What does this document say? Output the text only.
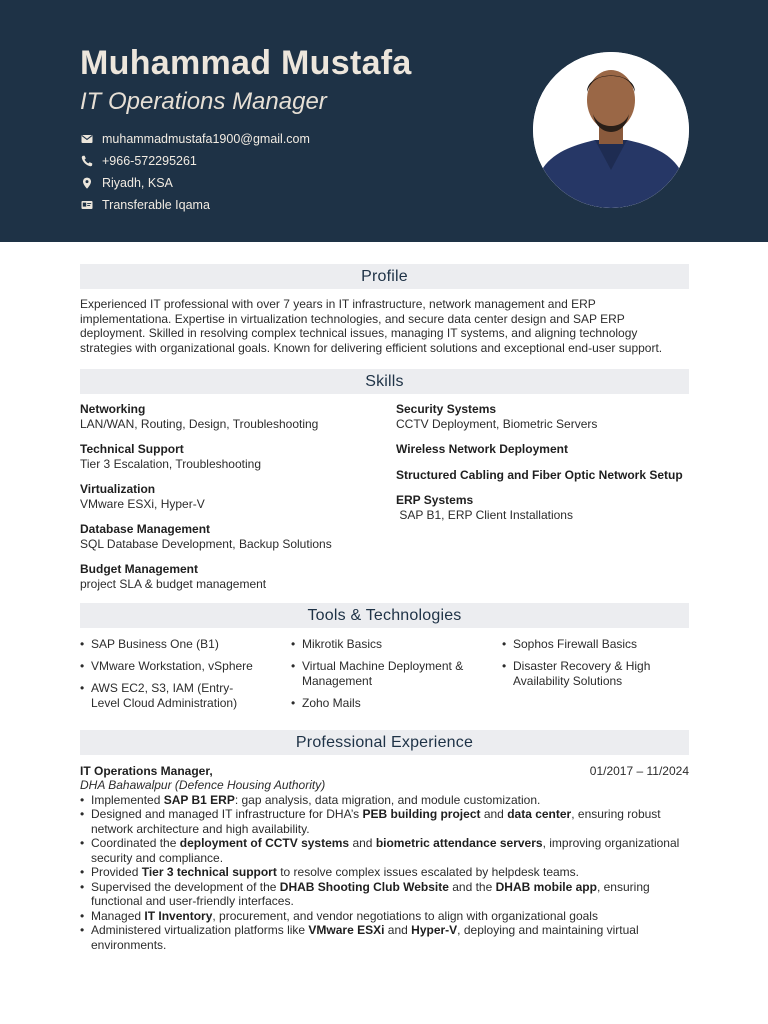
Muhammad Mustafa
IT Operations Manager
muhammadmustafa1900@gmail.com
+966-572295261
Riyadh, KSA
Transferable Iqama
Profile
Experienced IT professional with over 7 years in IT infrastructure, network management and ERP implementationa. Expertise in virtualization technologies, and secure data center design and SAP ERP deployment. Skilled in resolving complex technical issues, managing IT systems, and aligning technology strategies with organizational goals. Known for delivering efficient solutions and exceptional end-user support.
Skills
Networking
LAN/WAN, Routing, Design, Troubleshooting
Technical Support
Tier 3 Escalation, Troubleshooting
Virtualization
VMware ESXi, Hyper-V
Database Management
SQL Database Development, Backup Solutions
Budget Management
project SLA & budget management
Security Systems
CCTV Deployment, Biometric Servers
Wireless Network Deployment
Structured Cabling and Fiber Optic Network Setup
ERP Systems
SAP B1, ERP Client Installations
Tools & Technologies
• SAP Business One (B1)
• VMware Workstation, vSphere
• AWS EC2, S3, IAM (Entry-Level Cloud Administration)
• Mikrotik Basics
• Virtual Machine Deployment & Management
• Zoho Mails
• Sophos Firewall Basics
• Disaster Recovery & High Availability Solutions
Professional Experience
IT Operations Manager,	01/2017 – 11/2024
DHA Bahawalpur (Defence Housing Authority)
• Implemented SAP B1 ERP: gap analysis, data migration, and module customization.
• Designed and managed IT infrastructure for DHA’s PEB building project and data center, ensuring robust network architecture and high availability.
• Coordinated the deployment of CCTV systems and biometric attendance servers, improving organizational security and compliance.
• Provided Tier 3 technical support to resolve complex issues escalated by helpdesk teams.
• Supervised the development of the DHAB Shooting Club Website and the DHAB mobile app, ensuring functional and user-friendly interfaces.
• Managed IT Inventory, procurement, and vendor negotiations to align with organizational goals
• Administered virtualization platforms like VMware ESXi and Hyper-V, deploying and maintaining virtual environments.
